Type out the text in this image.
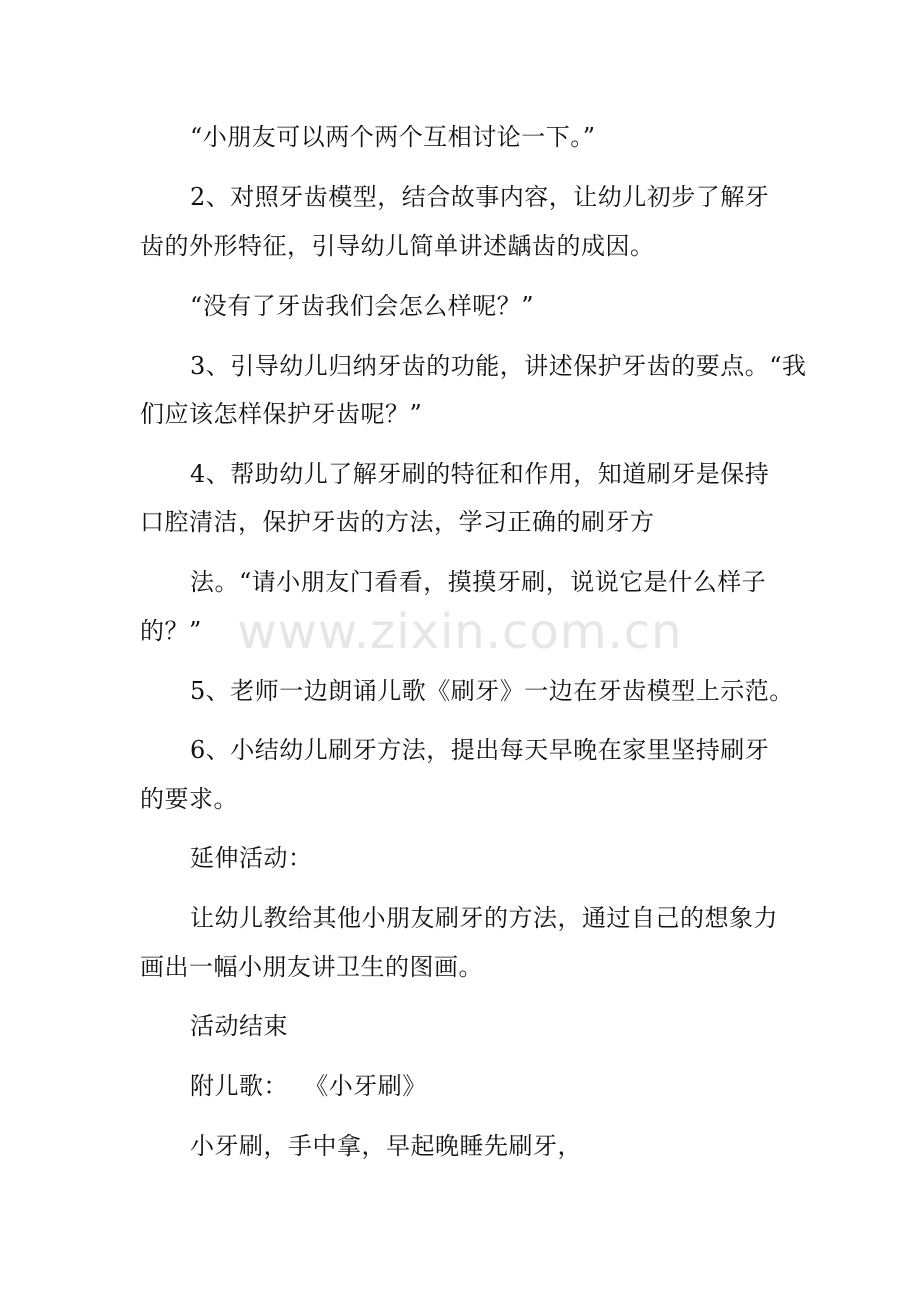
“小朋友可以两个两个互相讨论一下。”

2、对照牙齿模型，结合故事内容，让幼儿初步了解牙

齿的外形特征，引导幼儿简单讲述龋齿的成因。

“没有了牙齿我们会怎么样呢？”

3、引导幼儿归纳牙齿的功能，讲述保护牙齿的要点。“我

们应该怎样保护牙齿呢？”

4、帮助幼儿了解牙刷的特征和作用，知道刷牙是保持

口腔清洁，保护牙齿的方法，学习正确的刷牙方

法。“请小朋友门看看，摸摸牙刷，说说它是什么样子

的？”

5、老师一边朗诵儿歌《刷牙》一边在牙齿模型上示范。

6、小结幼儿刷牙方法，提出每天早晚在家里坚持刷牙

的要求。

延伸活动：

让幼儿教给其他小朋友刷牙的方法，通过自己的想象力

画出一幅小朋友讲卫生的图画。

活动结束

附儿歌：  《小牙刷》

小牙刷，手中拿，早起晚睡先刷牙，

www.zixin.com.cn
